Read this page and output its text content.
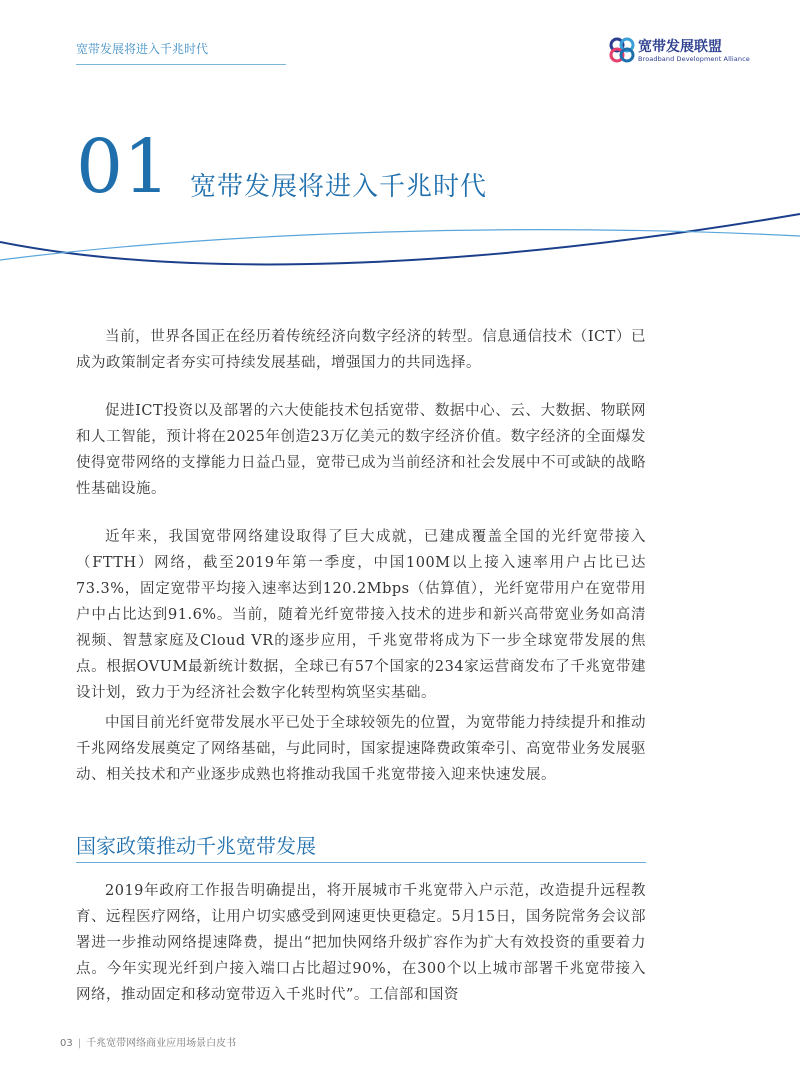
宽带发展将进入千兆时代	宽带发展联盟
Broadband Development Alliance
01 宽带发展将进入千兆时代

当前，世界各国正在经历着传统经济向数字经济的转型。信息通信技术（ICT）已成为政策制定者夯实可持续发展基础，增强国力的共同选择。

促进ICT投资以及部署的六大使能技术包括宽带、数据中心、云、大数据、物联网和人工智能，预计将在2025年创造23万亿美元的数字经济价值。数字经济的全面爆发使得宽带网络的支撑能力日益凸显，宽带已成为当前经济和社会发展中不可或缺的战略性基础设施。

近年来，我国宽带网络建设取得了巨大成就，已建成覆盖全国的光纤宽带接入（FTTH）网络，截至2019年第一季度，中国100M以上接入速率用户占比已达73.3%，固定宽带平均接入速率达到120.2Mbps（估算值），光纤宽带用户在宽带用户中占比达到91.6%。当前，随着光纤宽带接入技术的进步和新兴高带宽业务如高清视频、智慧家庭及Cloud VR的逐步应用，千兆宽带将成为下一步全球宽带发展的焦点。根据OVUM最新统计数据，全球已有57个国家的234家运营商发布了千兆宽带建设计划，致力于为经济社会数字化转型构筑坚实基础。

中国目前光纤宽带发展水平已处于全球较领先的位置，为宽带能力持续提升和推动千兆网络发展奠定了网络基础，与此同时，国家提速降费政策牵引、高宽带业务发展驱动、相关技术和产业逐步成熟也将推动我国千兆宽带接入迎来快速发展。

国家政策推动千兆宽带发展

2019年政府工作报告明确提出，将开展城市千兆宽带入户示范，改造提升远程教育、远程医疗网络，让用户切实感受到网速更快更稳定。5月15日，国务院常务会议部署进一步推动网络提速降费，提出“把加快网络升级扩容作为扩大有效投资的重要着力点。今年实现光纤到户接入端口占比超过90%，在300个以上城市部署千兆宽带接入网络，推动固定和移动宽带迈入千兆时代”。工信部和国资

03 | 千兆宽带网络商业应用场景白皮书
